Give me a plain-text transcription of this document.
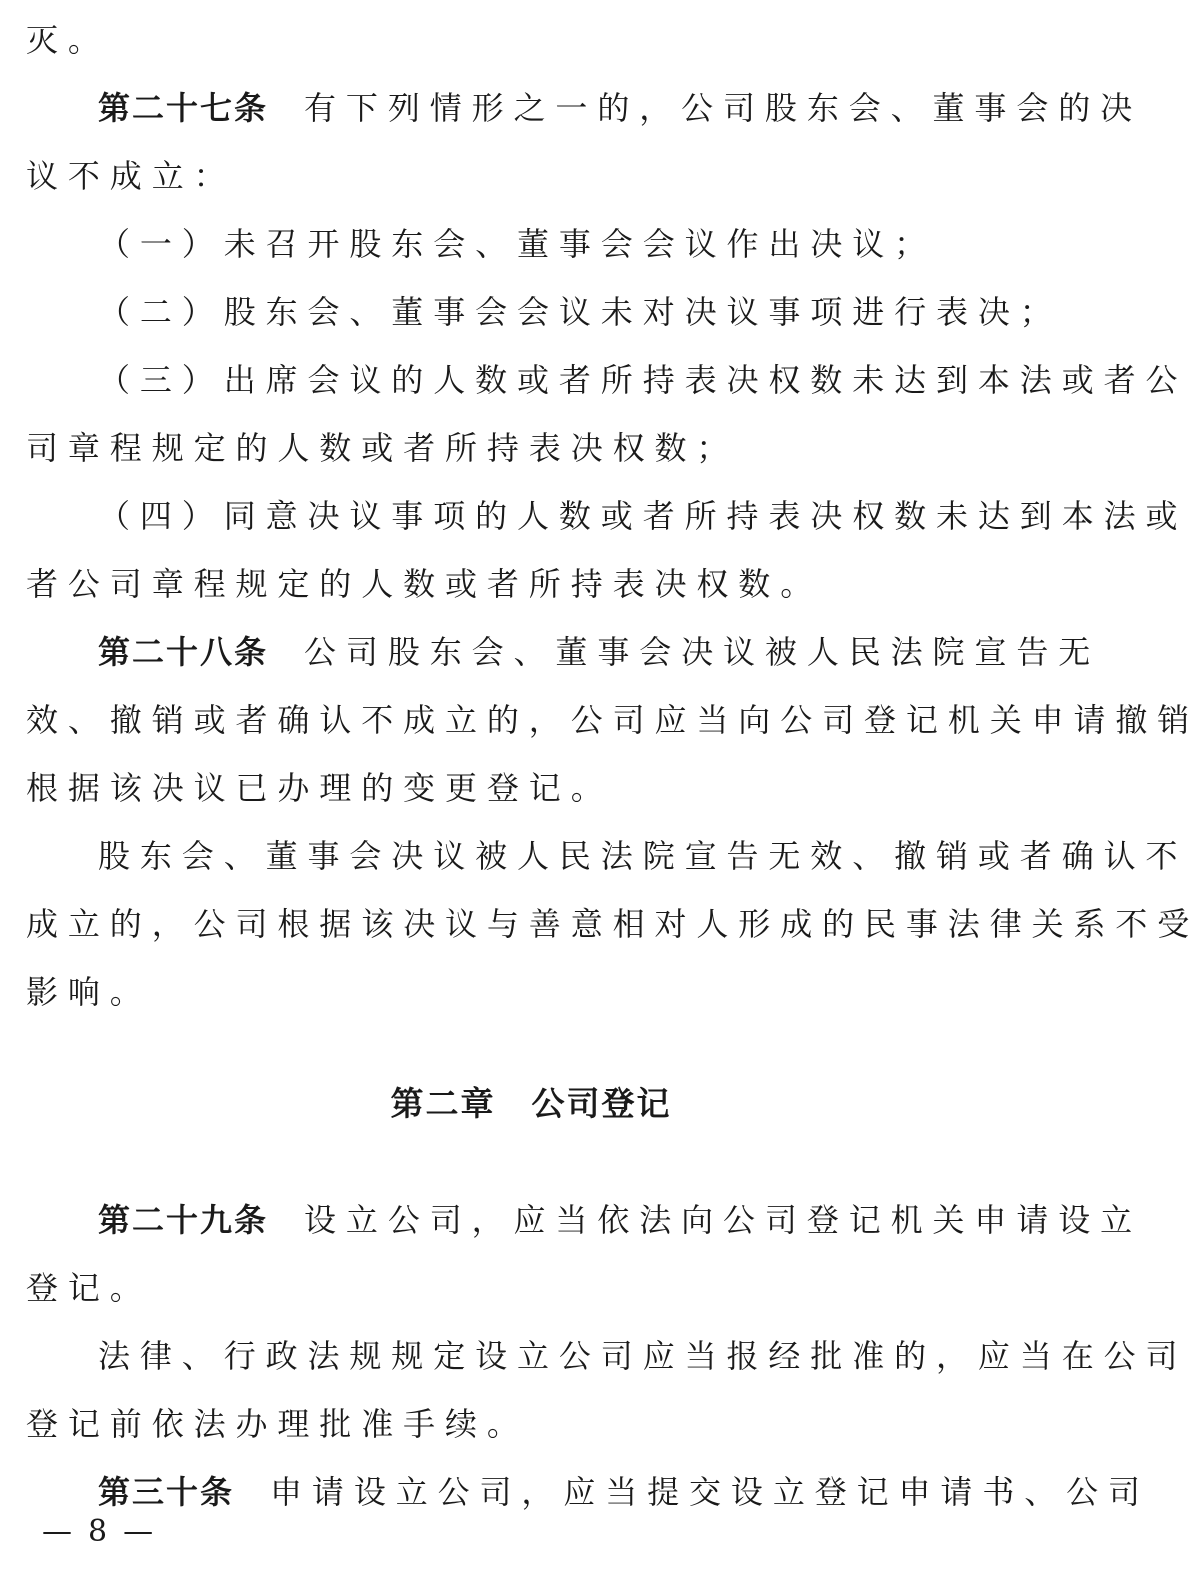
灭。
第二十七条 有下列情形之一的，公司股东会、董事会的决
议不成立：
（一）未召开股东会、董事会会议作出决议；
（二）股东会、董事会会议未对决议事项进行表决；
（三）出席会议的人数或者所持表决权数未达到本法或者公
司章程规定的人数或者所持表决权数；
（四）同意决议事项的人数或者所持表决权数未达到本法或
者公司章程规定的人数或者所持表决权数。
第二十八条 公司股东会、董事会决议被人民法院宣告无
效、撤销或者确认不成立的，公司应当向公司登记机关申请撤销
根据该决议已办理的变更登记。
股东会、董事会决议被人民法院宣告无效、撤销或者确认不
成立的，公司根据该决议与善意相对人形成的民事法律关系不受
影响。
第二章 公司登记
第二十九条 设立公司，应当依法向公司登记机关申请设立
登记。
法律、行政法规规定设立公司应当报经批准的，应当在公司
登记前依法办理批准手续。
第三十条 申请设立公司，应当提交设立登记申请书、公司
— 8 —
